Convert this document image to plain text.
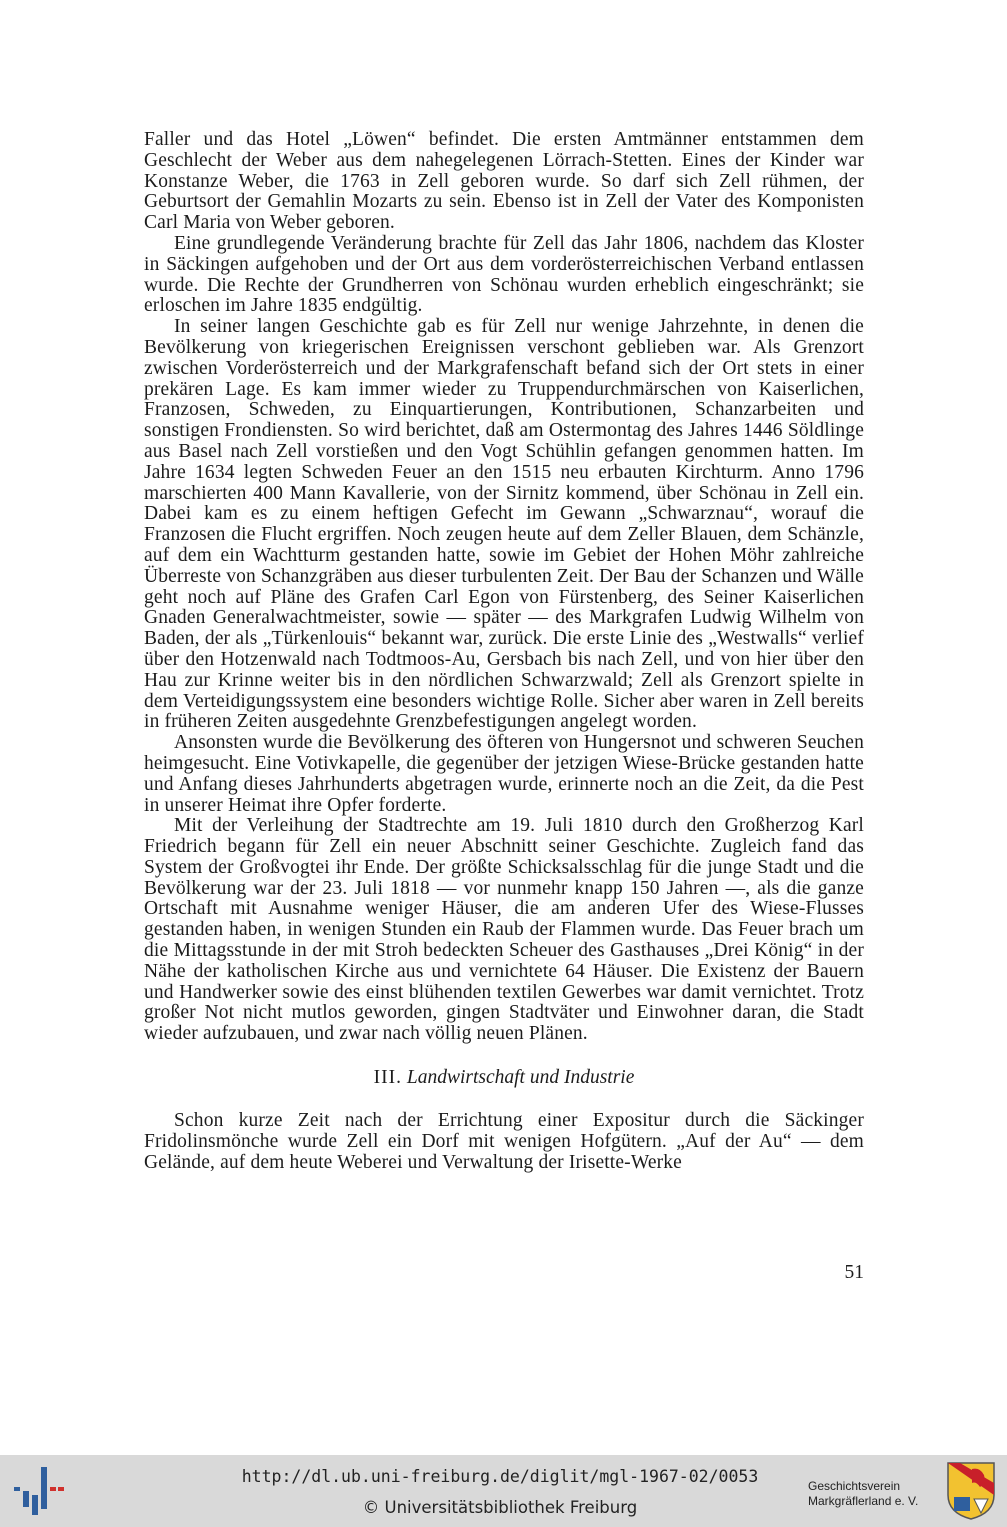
Faller und das Hotel „Löwen“ befindet. Die ersten Amtmänner entstammen dem Geschlecht der Weber aus dem nahegelegenen Lörrach-Stetten. Eines der Kinder war Konstanze Weber, die 1763 in Zell geboren wurde. So darf sich Zell rühmen, der Geburtsort der Gemahlin Mozarts zu sein. Ebenso ist in Zell der Vater des Komponisten Carl Maria von Weber geboren.

Eine grundlegende Veränderung brachte für Zell das Jahr 1806, nachdem das Kloster in Säckingen aufgehoben und der Ort aus dem vorderösterreichischen Verband entlassen wurde. Die Rechte der Grundherren von Schönau wurden erheblich eingeschränkt; sie erloschen im Jahre 1835 endgültig.

In seiner langen Geschichte gab es für Zell nur wenige Jahrzehnte, in denen die Bevölkerung von kriegerischen Ereignissen verschont geblieben war. Als Grenzort zwischen Vorderösterreich und der Markgrafenschaft befand sich der Ort stets in einer prekären Lage. Es kam immer wieder zu Truppendurchmärschen von Kaiserlichen, Franzosen, Schweden, zu Einquartierungen, Kontributionen, Schanzarbeiten und sonstigen Frondiensten. So wird berichtet, daß am Ostermontag des Jahres 1446 Söldlinge aus Basel nach Zell vorstießen und den Vogt Schühlin gefangen genommen hatten. Im Jahre 1634 legten Schweden Feuer an den 1515 neu erbauten Kirchturm. Anno 1796 marschierten 400 Mann Kavallerie, von der Sirnitz kommend, über Schönau in Zell ein. Dabei kam es zu einem heftigen Gefecht im Gewann „Schwarznau“, worauf die Franzosen die Flucht ergriffen. Noch zeugen heute auf dem Zeller Blauen, dem Schänzle, auf dem ein Wachtturm gestanden hatte, sowie im Gebiet der Hohen Möhr zahlreiche Überreste von Schanzgräben aus dieser turbulenten Zeit. Der Bau der Schanzen und Wälle geht noch auf Pläne des Grafen Carl Egon von Fürstenberg, des Seiner Kaiserlichen Gnaden Generalwachtmeister, sowie — später — des Markgrafen Ludwig Wilhelm von Baden, der als „Türkenlouis“ bekannt war, zurück. Die erste Linie des „Westwalls“ verlief über den Hotzenwald nach Todtmoos-Au, Gersbach bis nach Zell, und von hier über den Hau zur Krinne weiter bis in den nördlichen Schwarzwald; Zell als Grenzort spielte in dem Verteidigungssystem eine besonders wichtige Rolle. Sicher aber waren in Zell bereits in früheren Zeiten ausgedehnte Grenzbefestigungen angelegt worden.

Ansonsten wurde die Bevölkerung des öfteren von Hungersnot und schweren Seuchen heimgesucht. Eine Votivkapelle, die gegenüber der jetzigen Wiese-Brücke gestanden hatte und Anfang dieses Jahrhunderts abgetragen wurde, erinnerte noch an die Zeit, da die Pest in unserer Heimat ihre Opfer forderte.

Mit der Verleihung der Stadtrechte am 19. Juli 1810 durch den Großherzog Karl Friedrich begann für Zell ein neuer Abschnitt seiner Geschichte. Zugleich fand das System der Großvogtei ihr Ende. Der größte Schicksalsschlag für die junge Stadt und die Bevölkerung war der 23. Juli 1818 — vor nunmehr knapp 150 Jahren —, als die ganze Ortschaft mit Ausnahme weniger Häuser, die am anderen Ufer des Wiese-Flusses gestanden haben, in wenigen Stunden ein Raub der Flammen wurde. Das Feuer brach um die Mittagsstunde in der mit Stroh bedeckten Scheuer des Gasthauses „Drei König“ in der Nähe der katholischen Kirche aus und vernichtete 64 Häuser. Die Existenz der Bauern und Handwerker sowie des einst blühenden textilen Gewerbes war damit vernichtet. Trotz großer Not nicht mutlos geworden, gingen Stadtväter und Einwohner daran, die Stadt wieder aufzubauen, und zwar nach völlig neuen Plänen.

III. Landwirtschaft und Industrie

Schon kurze Zeit nach der Errichtung einer Expositur durch die Säckinger Fridolinsmönche wurde Zell ein Dorf mit wenigen Hofgütern. „Auf der Au“ — dem Gelände, auf dem heute Weberei und Verwaltung der Irisette-Werke

51
http://dl.ub.uni-freiburg.de/diglit/mgl-1967-02/0053
© Universitätsbibliothek Freiburg
Geschichtsverein
Markgräflerland e. V.
